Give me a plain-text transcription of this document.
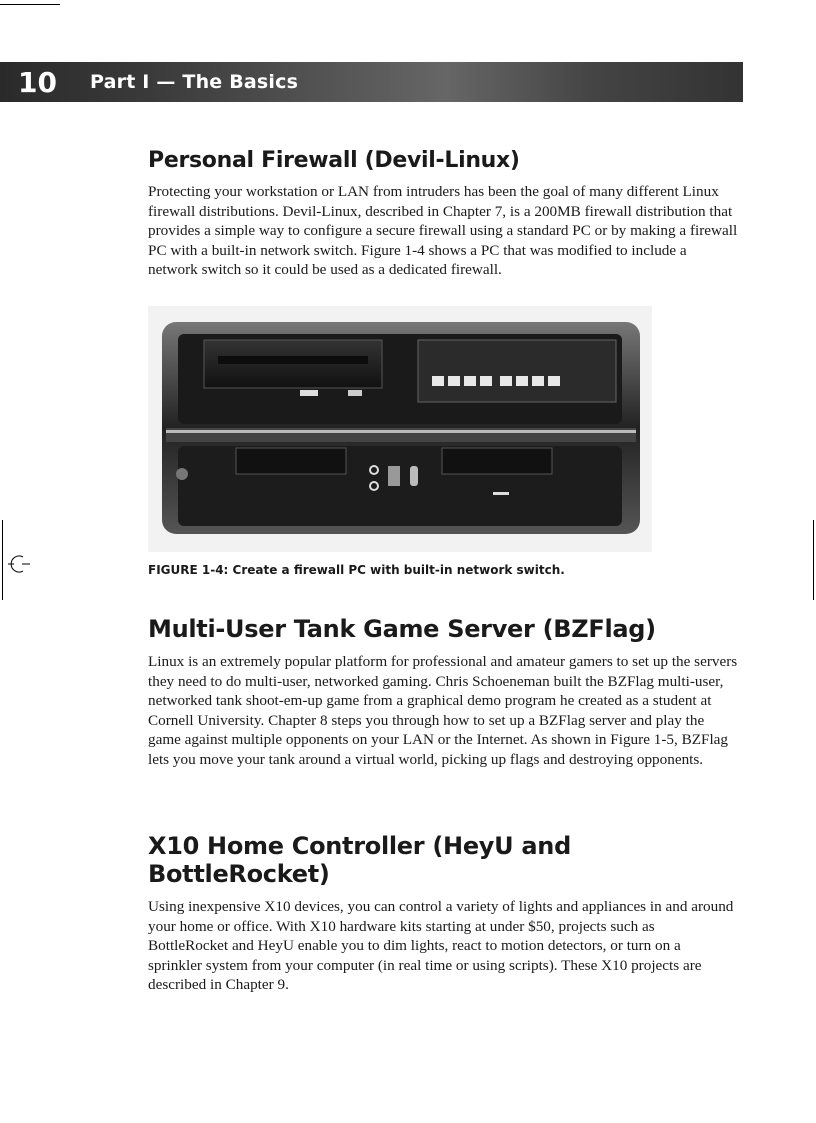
10	Part I — The Basics
Personal Firewall (Devil-Linux)

Protecting your workstation or LAN from intruders has been the goal of many different Linux firewall distributions. Devil-Linux, described in Chapter 7, is a 200MB firewall distribution that provides a simple way to configure a secure firewall using a standard PC or by making a firewall PC with a built-in network switch. Figure 1-4 shows a PC that was modified to include a network switch so it could be used as a dedicated firewall.

FIGURE 1-4: Create a firewall PC with built-in network switch.
Multi-User Tank Game Server (BZFlag)

Linux is an extremely popular platform for professional and amateur gamers to set up the servers they need to do multi-user, networked gaming. Chris Schoeneman built the BZFlag multi-user, networked tank shoot-em-up game from a graphical demo program he created as a student at Cornell University. Chapter 8 steps you through how to set up a BZFlag server and play the game against multiple opponents on your LAN or the Internet. As shown in Figure 1-5, BZFlag lets you move your tank around a virtual world, picking up flags and destroying opponents.

X10 Home Controller (HeyU and BottleRocket)

Using inexpensive X10 devices, you can control a variety of lights and appliances in and around your home or office. With X10 hardware kits starting at under $50, projects such as BottleRocket and HeyU enable you to dim lights, react to motion detectors, or turn on a sprinkler system from your computer (in real time or using scripts). These X10 projects are described in Chapter 9.
